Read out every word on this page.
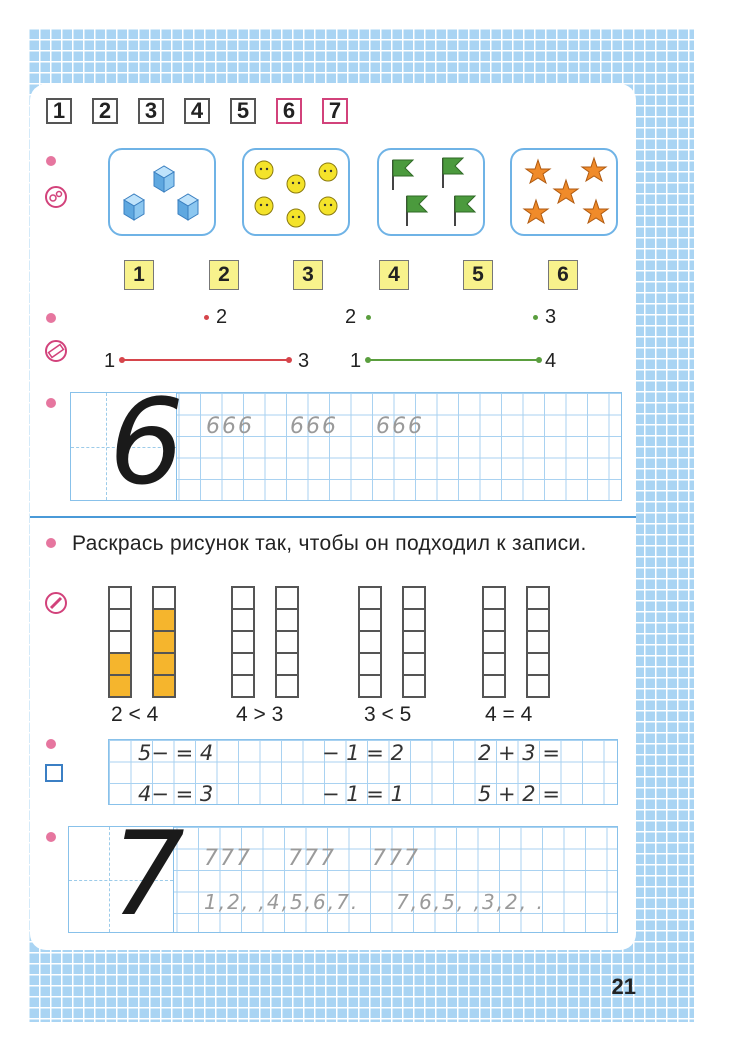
1	2	3	4	5	6	7
1	2	3	4	5	6
2	2	3
1	3 1	4
6 666 666 666
Раскрась рисунок так, чтобы он подходил к записи.
2 < 4	4 > 3	3 < 5	4 = 4
5− = 4	− 1 = 2	2 + 3 =
4− = 3	− 1 = 1	5 + 2 =
7 777 777 777
1,2, ,4,5,6,7. 7,6,5, ,3,2, .
21
